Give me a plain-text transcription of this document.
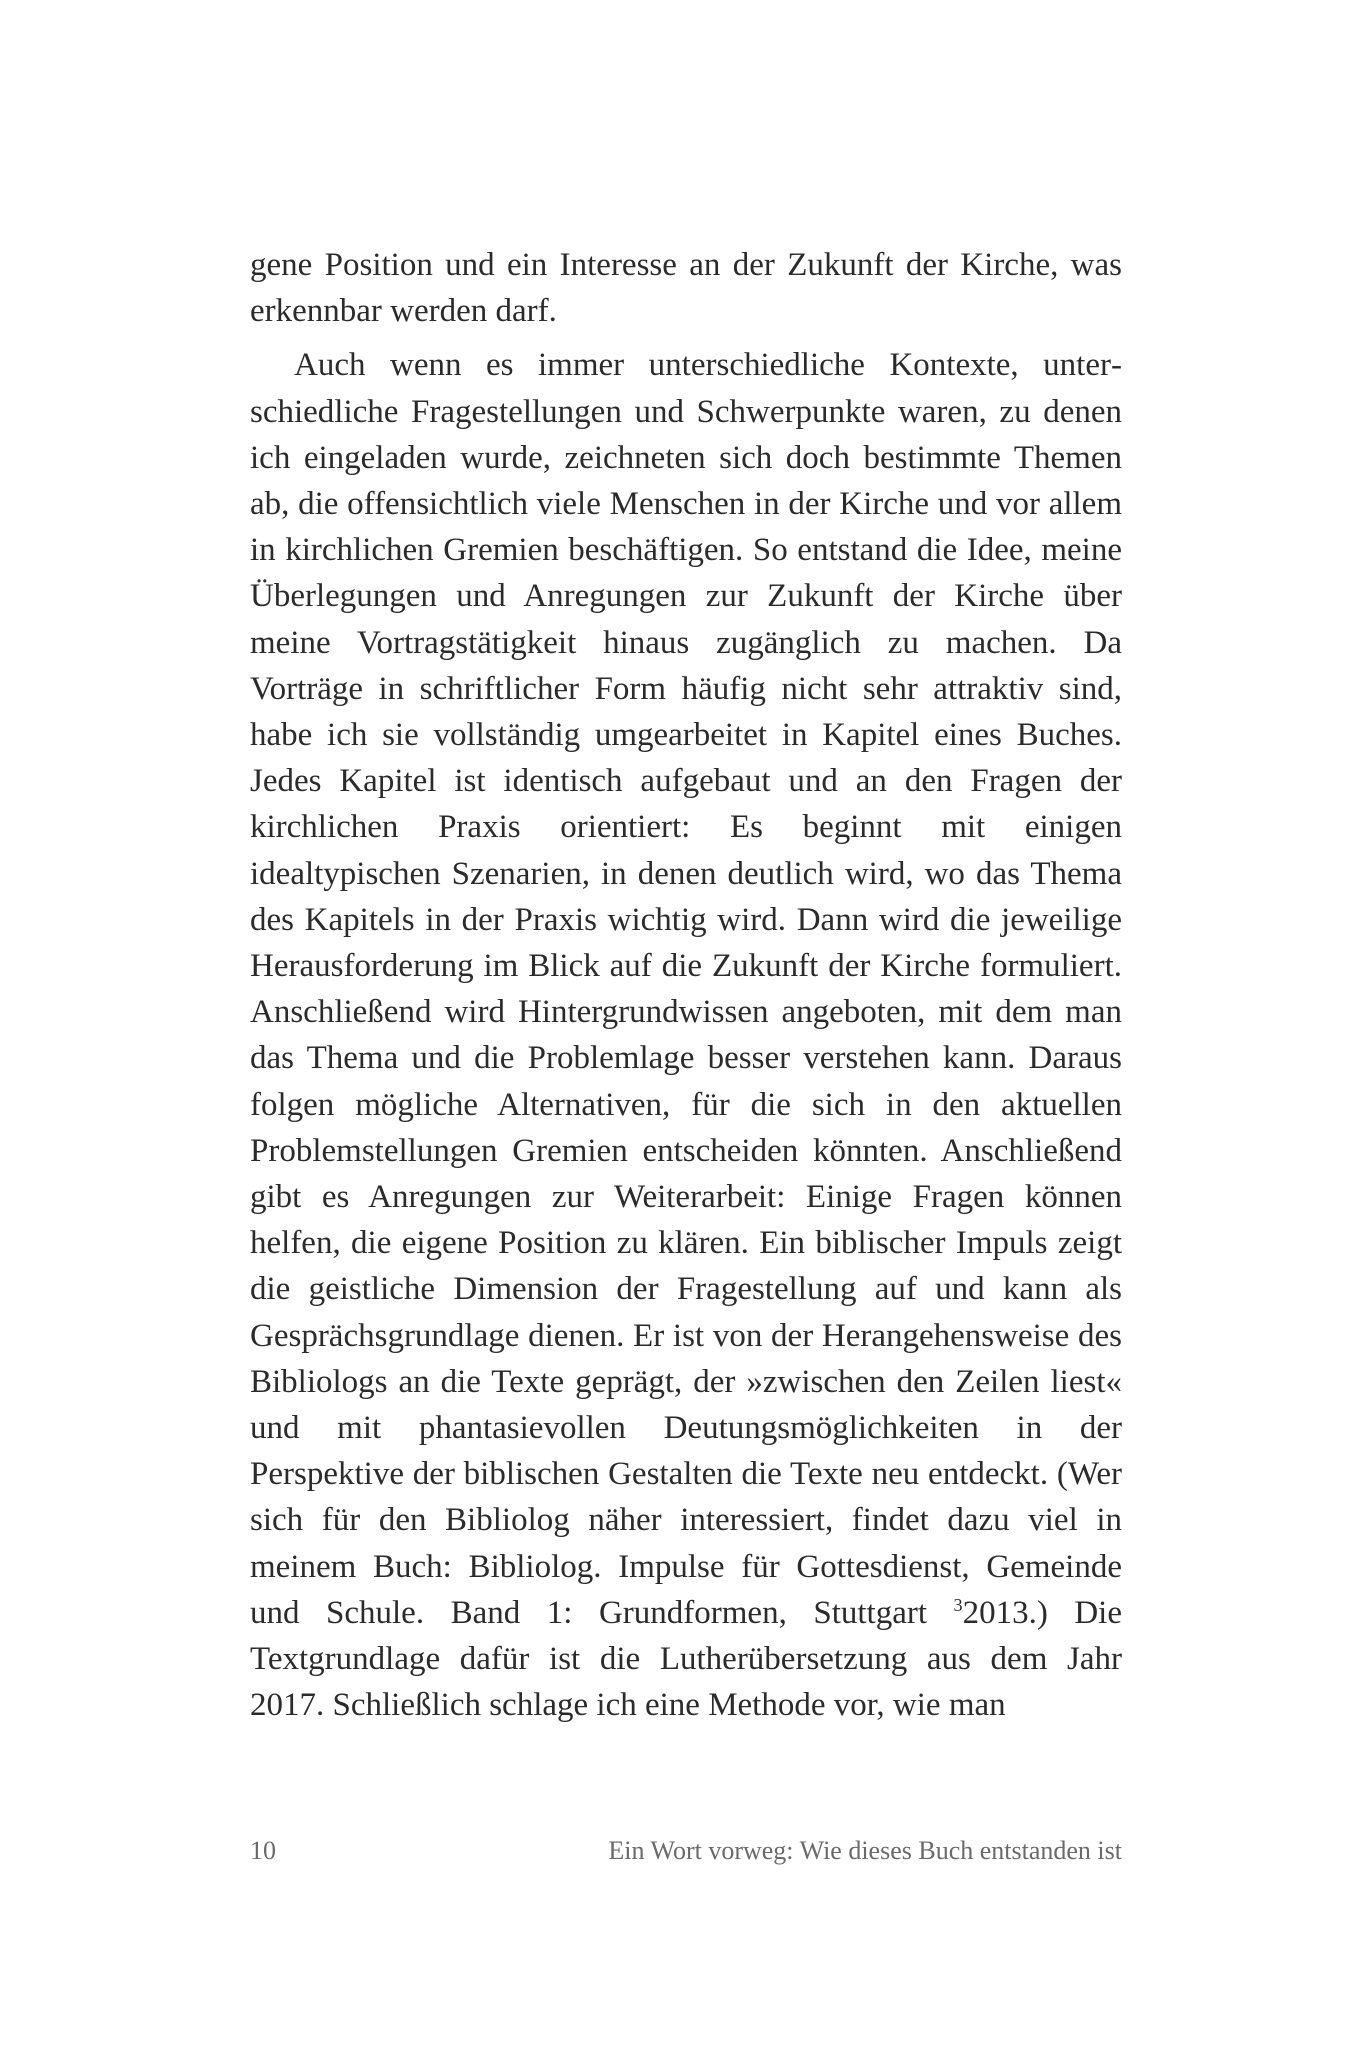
gene Position und ein Interesse an der Zukunft der Kirche, was erkennbar werden darf.

Auch wenn es immer unterschiedliche Kontexte, unterschiedliche Fragestellungen und Schwerpunkte waren, zu denen ich eingeladen wurde, zeichneten sich doch bestimmte Themen ab, die offensichtlich viele Menschen in der Kirche und vor allem in kirchlichen Gremien beschäftigen. So entstand die Idee, meine Überlegungen und Anregungen zur Zukunft der Kirche über meine Vortragstätigkeit hinaus zugänglich zu machen. Da Vorträge in schriftlicher Form häufig nicht sehr attraktiv sind, habe ich sie vollständig umgearbeitet in Kapitel eines Buches. Jedes Kapitel ist identisch aufgebaut und an den Fragen der kirchlichen Praxis orientiert: Es beginnt mit einigen idealtypischen Szenarien, in denen deutlich wird, wo das Thema des Kapitels in der Praxis wichtig wird. Dann wird die jeweilige Herausforderung im Blick auf die Zukunft der Kirche formuliert. Anschließend wird Hintergrundwissen angeboten, mit dem man das Thema und die Problemlage besser verstehen kann. Daraus folgen mögliche Alternativen, für die sich in den aktuellen Problemstellungen Gremien entscheiden könnten. Anschließend gibt es Anregungen zur Weiterarbeit: Einige Fragen können helfen, die eigene Position zu klären. Ein biblischer Impuls zeigt die geistliche Dimension der Fragestellung auf und kann als Gesprächsgrundlage dienen. Er ist von der Herangehensweise des Bibliologs an die Texte geprägt, der »zwischen den Zeilen liest« und mit phantasievollen Deutungsmöglichkeiten in der Perspektive der biblischen Gestalten die Texte neu entdeckt. (Wer sich für den Bibliolog näher interessiert, findet dazu viel in meinem Buch: Bibliolog. Impulse für Gottesdienst, Gemeinde und Schule. Band 1: Grundformen, Stuttgart $^3$2013.) Die Textgrundlage dafür ist die Lutherübersetzung aus dem Jahr 2017. Schließlich schlage ich eine Methode vor, wie man

10	Ein Wort vorweg: Wie dieses Buch entstanden ist
